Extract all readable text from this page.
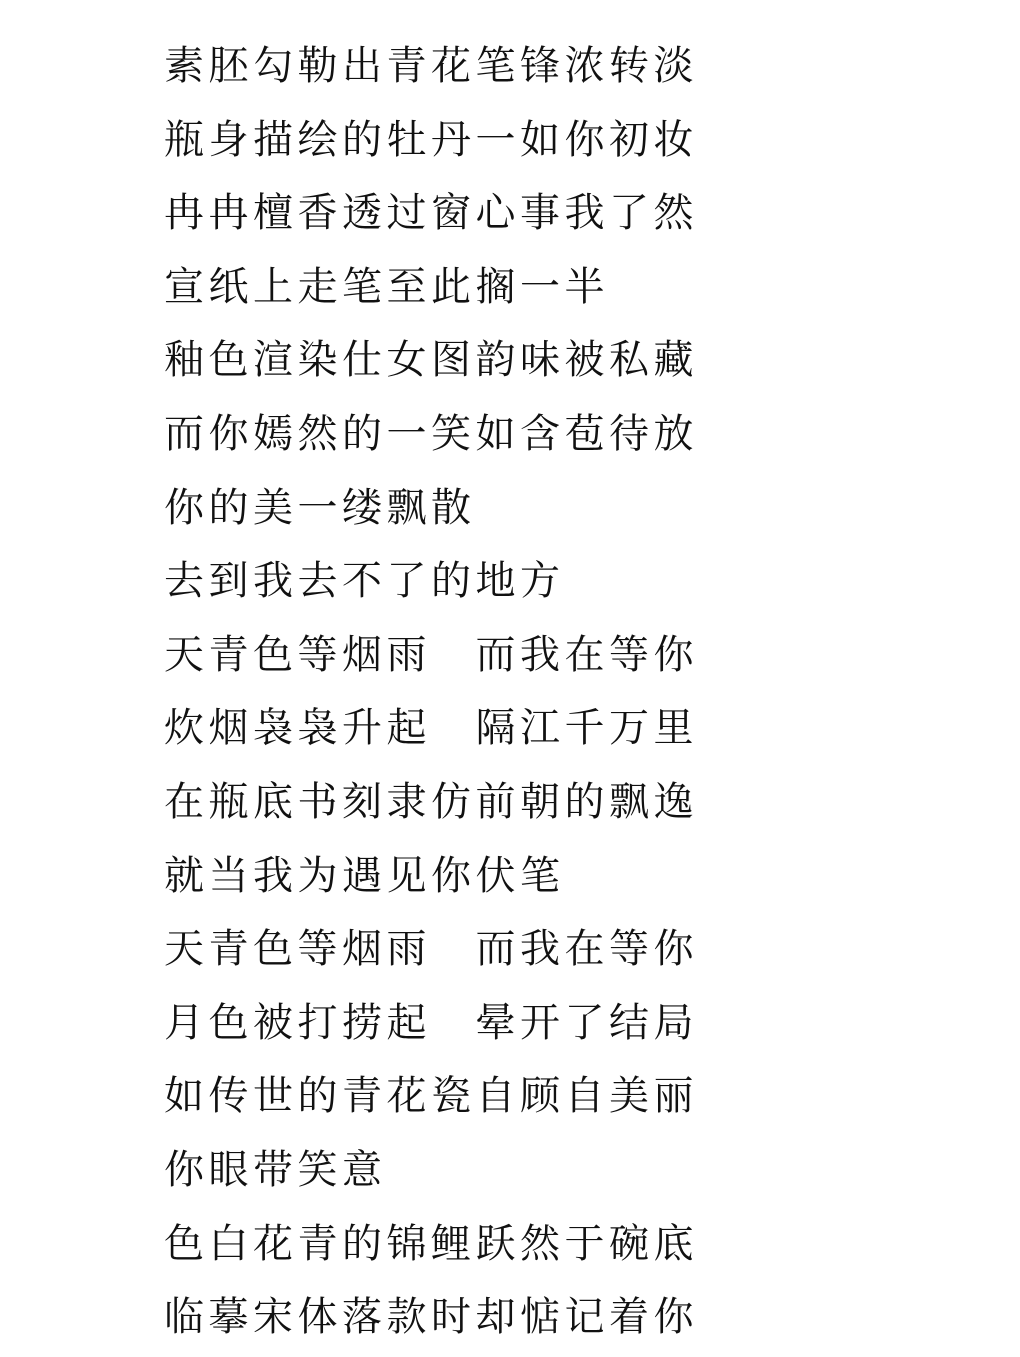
素胚勾勒出青花笔锋浓转淡
瓶身描绘的牡丹一如你初妆
冉冉檀香透过窗心事我了然
宣纸上走笔至此搁一半
釉色渲染仕女图韵味被私藏
而你嫣然的一笑如含苞待放
你的美一缕飘散
去到我去不了的地方
天青色等烟雨　而我在等你
炊烟袅袅升起　隔江千万里
在瓶底书刻隶仿前朝的飘逸
就当我为遇见你伏笔
天青色等烟雨　而我在等你
月色被打捞起　晕开了结局
如传世的青花瓷自顾自美丽
你眼带笑意
色白花青的锦鲤跃然于碗底
临摹宋体落款时却惦记着你
